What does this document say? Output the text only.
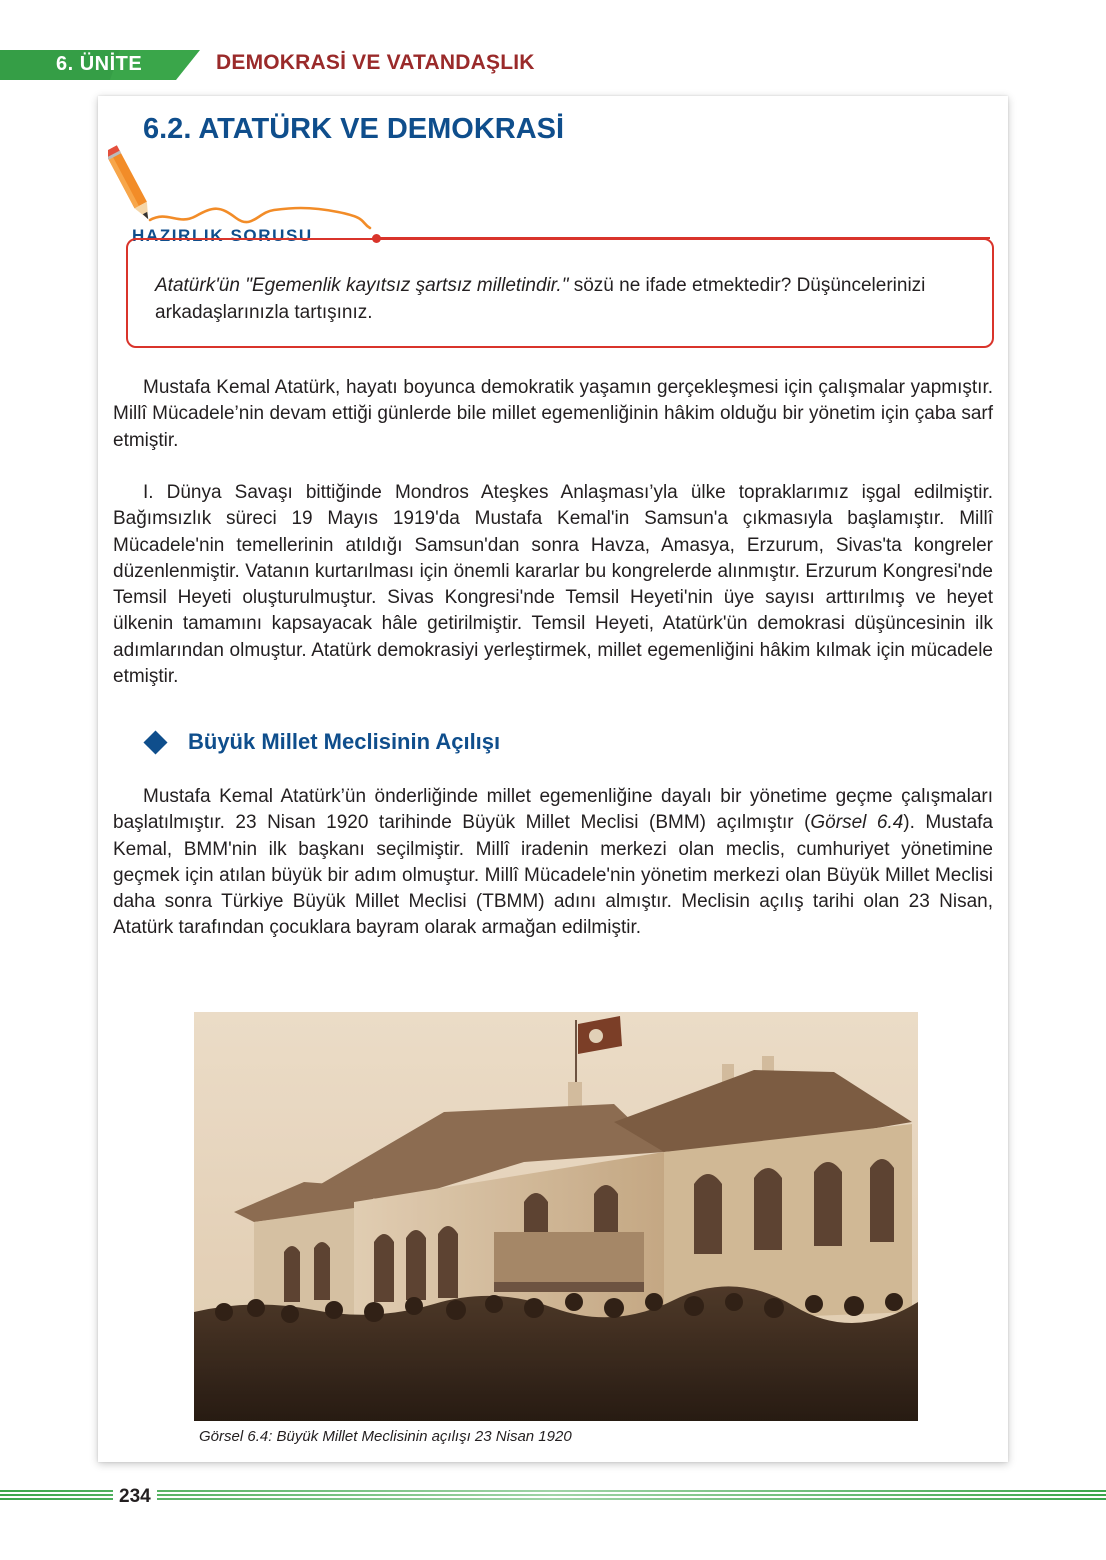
6. ÜNİTE	DEMOKRASİ VE VATANDAŞLIK
6.2. ATATÜRK VE DEMOKRASİ
HAZIRLIK SORUSU
Atatürk'ün "Egemenlik kayıtsız şartsız milletindir." sözü ne ifade etmektedir? Düşüncelerinizi arkadaşlarınızla tartışınız.
Mustafa Kemal Atatürk, hayatı boyunca demokratik yaşamın gerçekleşmesi için çalışmalar yapmıştır. Millî Mücadele’nin devam ettiği günlerde bile millet egemenliğinin hâkim olduğu bir yönetim için çaba sarf etmiştir.
I. Dünya Savaşı bittiğinde Mondros Ateşkes Anlaşması’yla ülke topraklarımız işgal edilmiştir. Bağımsızlık süreci 19 Mayıs 1919'da Mustafa Kemal'in Samsun'a çıkmasıyla başlamıştır. Millî Mücadele'nin temellerinin atıldığı Samsun'dan sonra Havza, Amasya, Erzurum, Sivas'ta kongreler düzenlenmiştir. Vatanın kurtarılması için önemli kararlar bu kongrelerde alınmıştır. Erzurum Kongresi'nde Temsil Heyeti oluşturulmuştur. Sivas Kongresi'nde Temsil Heyeti'nin üye sayısı arttırılmış ve heyet ülkenin tamamını kapsayacak hâle getirilmiştir. Temsil Heyeti, Atatürk'ün demokrasi düşüncesinin ilk adımlarından olmuştur. Atatürk demokrasiyi yerleştirmek, millet egemenliğini hâkim kılmak için mücadele etmiştir.
Büyük Millet Meclisinin Açılışı
Mustafa Kemal Atatürk’ün önderliğinde millet egemenliğine dayalı bir yönetime geçme çalışmaları başlatılmıştır. 23 Nisan 1920 tarihinde Büyük Millet Meclisi (BMM) açılmıştır (Görsel 6.4). Mustafa Kemal, BMM'nin ilk başkanı seçilmiştir. Millî iradenin merkezi olan meclis, cumhuriyet yönetimine geçmek için atılan büyük bir adım olmuştur. Millî Mücadele'nin yönetim merkezi olan Büyük Millet Meclisi daha sonra Türkiye Büyük Millet Meclisi (TBMM) adını almıştır. Meclisin açılış tarihi olan 23 Nisan, Atatürk tarafından çocuklara bayram olarak armağan edilmiştir.
Görsel 6.4: Büyük Millet Meclisinin açılışı 23 Nisan 1920
234
